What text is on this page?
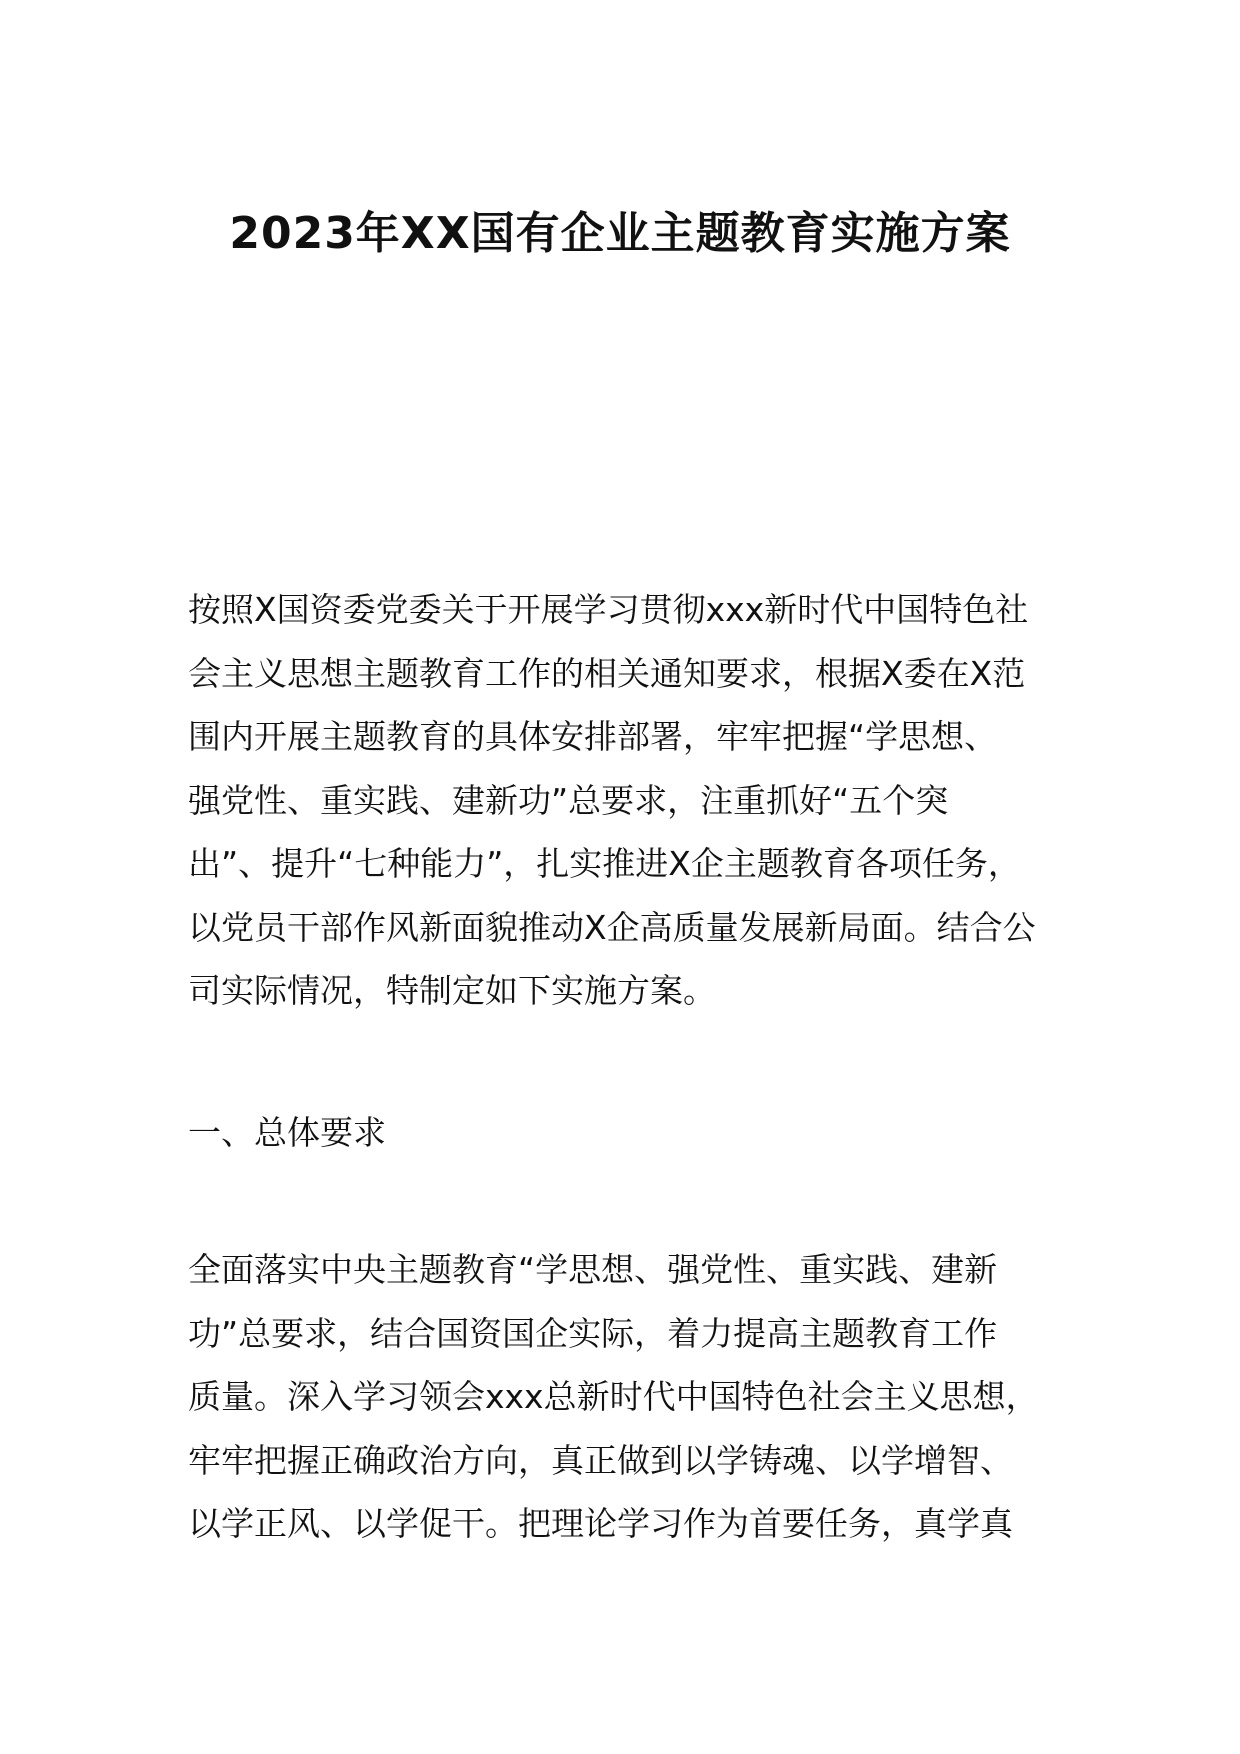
2023年XX国有企业主题教育实施方案
按照X国资委党委关于开展学习贯彻xxx新时代中国特色社
会主义思想主题教育工作的相关通知要求，根据X委在X范
围内开展主题教育的具体安排部署，牢牢把握“学思想、
强党性、重实践、建新功”总要求，注重抓好“五个突
出”、提升“七种能力”，扎实推进X企主题教育各项任务，
以党员干部作风新面貌推动X企高质量发展新局面。结合公
司实际情况，特制定如下实施方案。
一、总体要求
全面落实中央主题教育“学思想、强党性、重实践、建新
功”总要求，结合国资国企实际，着力提高主题教育工作
质量。深入学习领会xxx总新时代中国特色社会主义思想，
牢牢把握正确政治方向，真正做到以学铸魂、以学增智、
以学正风、以学促干。把理论学习作为首要任务，真学真
